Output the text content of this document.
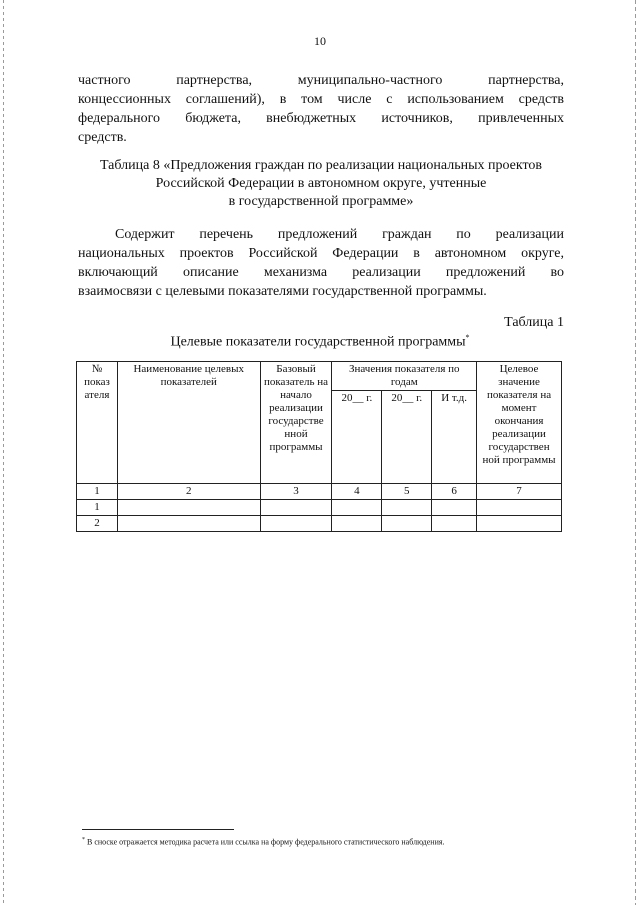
10
частного партнерства, муниципально-частного партнерства,
концессионных соглашений), в том числе с использованием средств
федерального бюджета, внебюджетных источников, привлеченных
средств.
Таблица 8 «Предложения граждан по реализации национальных проектов
Российской Федерации в автономном округе, учтенные
в государственной программе»
Содержит перечень предложений граждан по реализации
национальных проектов Российской Федерации в автономном округе,
включающий описание механизма реализации предложений во
взаимосвязи с целевыми показателями государственной программы.
Таблица 1
Целевые показатели государственной программы*
№ показ ателя	Наименование целевых показателей	Базовый показатель на начало реализации государстве нной программы	Значения показателя по годам			Целевое значение показателя на момент окончания реализации государствен ной программы
			20__ г.	20__ г.	И т.д.	
1	2	3	4	5	6	7
1						
2						
* В сноске отражается методика расчета или ссылка на форму федерального статистического наблюдения.
